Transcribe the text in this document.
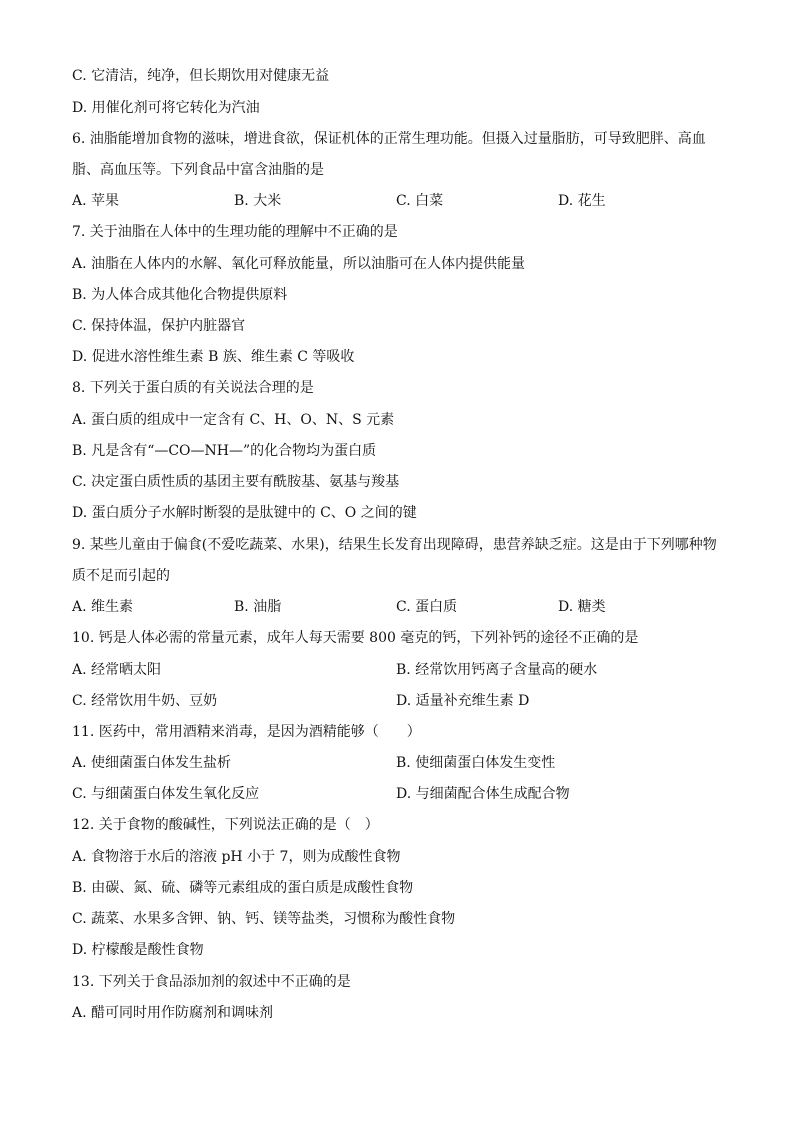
C. 它清洁，纯净，但长期饮用对健康无益
D. 用催化剂可将它转化为汽油
6. 油脂能增加食物的滋味，增进食欲，保证机体的正常生理功能。但摄入过量脂肪，可导致肥胖、高血
脂、高血压等。下列食品中富含油脂的是
A. 苹果	B. 大米	C. 白菜	D. 花生
7. 关于油脂在人体中的生理功能的理解中不正确的是
A. 油脂在人体内的水解、氧化可释放能量，所以油脂可在人体内提供能量
B. 为人体合成其他化合物提供原料
C. 保持体温，保护内脏器官
D. 促进水溶性维生素 B 族、维生素 C 等吸收
8. 下列关于蛋白质的有关说法合理的是
A. 蛋白质的组成中一定含有 C、H、O、N、S 元素
B. 凡是含有“—CO—NH—”的化合物均为蛋白质
C. 决定蛋白质性质的基团主要有酰胺基、氨基与羧基
D. 蛋白质分子水解时断裂的是肽键中的 C、O 之间的键
9. 某些儿童由于偏食(不爱吃蔬菜、水果)，结果生长发育出现障碍，患营养缺乏症。这是由于下列哪种物
质不足而引起的
A. 维生素	B. 油脂	C. 蛋白质	D. 糖类
10. 钙是人体必需的常量元素，成年人每天需要 800 毫克的钙，下列补钙的途径不正确的是
A. 经常晒太阳	B. 经常饮用钙离子含量高的硬水
C. 经常饮用牛奶、豆奶	D. 适量补充维生素 D
11. 医药中，常用酒精来消毒，是因为酒精能够（　　）
A. 使细菌蛋白体发生盐析	B. 使细菌蛋白体发生变性
C. 与细菌蛋白体发生氧化反应	D. 与细菌配合体生成配合物
12. 关于食物的酸碱性，下列说法正确的是（　）
A. 食物溶于水后的溶液 pH 小于 7，则为成酸性食物
B. 由碳、氮、硫、磷等元素组成的蛋白质是成酸性食物
C. 蔬菜、水果多含钾、钠、钙、镁等盐类，习惯称为酸性食物
D. 柠檬酸是酸性食物
13. 下列关于食品添加剂的叙述中不正确的是
A. 醋可同时用作防腐剂和调味剂
